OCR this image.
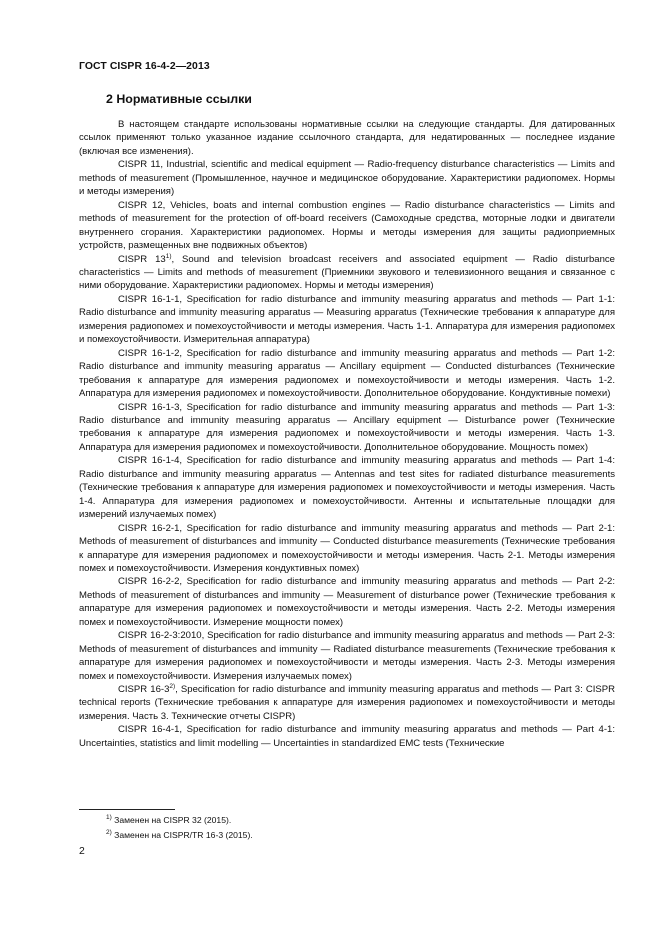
ГОСТ CISPR 16-4-2—2013
2 Нормативные ссылки

В настоящем стандарте использованы нормативные ссылки на следующие стандарты. Для датированных ссылок применяют только указанное издание ссылочного стандарта, для недатированных — последнее издание (включая все изменения).

CISPR 11, Industrial, scientific and medical equipment — Radio-frequency disturbance characteristics — Limits and methods of measurement (Промышленное, научное и медицинское оборудование. Характеристики радиопомех. Нормы и методы измерения)

CISPR 12, Vehicles, boats and internal combustion engines — Radio disturbance characteristics — Limits and methods of measurement for the protection of off-board receivers (Самоходные средства, моторные лодки и двигатели внутреннего сгорания. Характеристики радиопомех. Нормы и методы измерения для защиты радиоприемных устройств, размещенных вне подвижных объектов)

CISPR 13$^{1)}$, Sound and television broadcast receivers and associated equipment — Radio disturbance characteristics — Limits and methods of measurement (Приемники звукового и телевизионного вещания и связанное с ними оборудование. Характеристики радиопомех. Нормы и методы измерения)

CISPR 16-1-1, Specification for radio disturbance and immunity measuring apparatus and methods — Part 1-1: Radio disturbance and immunity measuring apparatus — Measuring apparatus (Технические требования к аппаратуре для измерения радиопомех и помехоустойчивости и методы измерения. Часть 1-1. Аппаратура для измерения радиопомех и помехоустойчивости. Измерительная аппаратура)

CISPR 16-1-2, Specification for radio disturbance and immunity measuring apparatus and methods — Part 1-2: Radio disturbance and immunity measuring apparatus — Ancillary equipment — Conducted disturbances (Технические требования к аппаратуре для измерения радиопомех и помехоустойчивости и методы измерения. Часть 1-2. Аппаратура для измерения радиопомех и помехоустойчивости. Дополнительное оборудование. Кондуктивные помехи)

CISPR 16-1-3, Specification for radio disturbance and immunity measuring apparatus and methods — Part 1-3: Radio disturbance and immunity measuring apparatus — Ancillary equipment — Disturbance power (Технические требования к аппаратуре для измерения радиопомех и помехоустойчивости и методы измерения. Часть 1-3. Аппаратура для измерения радиопомех и помехоустойчивости. Дополнительное оборудование. Мощность помех)

CISPR 16-1-4, Specification for radio disturbance and immunity measuring apparatus and methods — Part 1-4: Radio disturbance and immunity measuring apparatus — Antennas and test sites for radiated disturbance measurements (Технические требования к аппаратуре для измерения радиопомех и помехоустойчивости и методы измерения. Часть 1-4. Аппаратура для измерения радиопомех и помехоустойчивости. Антенны и испытательные площадки для измерений излучаемых помех)

CISPR 16-2-1, Specification for radio disturbance and immunity measuring apparatus and methods — Part 2-1: Methods of measurement of disturbances and immunity — Conducted disturbance measurements (Технические требования к аппаратуре для измерения радиопомех и помехоустойчивости и методы измерения. Часть 2-1. Методы измерения помех и помехоустойчивости. Измерения кондуктивных помех)

CISPR 16-2-2, Specification for radio disturbance and immunity measuring apparatus and methods — Part 2-2: Methods of measurement of disturbances and immunity — Measurement of disturbance power (Технические требования к аппаратуре для измерения радиопомех и помехоустойчивости и методы измерения. Часть 2-2. Методы измерения помех и помехоустойчивости. Измерение мощности помех)

CISPR 16-2-3:2010, Specification for radio disturbance and immunity measuring apparatus and methods — Part 2-3: Methods of measurement of disturbances and immunity — Radiated disturbance measurements (Технические требования к аппаратуре для измерения радиопомех и помехоустойчивости и методы измерения. Часть 2-3. Методы измерения помех и помехоустойчивости. Измерения излучаемых помех)

CISPR 16-3$^{2)}$, Specification for radio disturbance and immunity measuring apparatus and methods — Part 3: CISPR technical reports (Технические требования к аппаратуре для измерения радиопомех и помехоустойчивости и методы измерения. Часть 3. Технические отчеты CISPR)

CISPR 16-4-1, Specification for radio disturbance and immunity measuring apparatus and methods — Part 4-1: Uncertainties, statistics and limit modelling — Uncertainties in standardized EMC tests (Технические

$^{1)}$ Заменен на CISPR 32 (2015).
$^{2)}$ Заменен на CISPR/TR 16-3 (2015).
2
